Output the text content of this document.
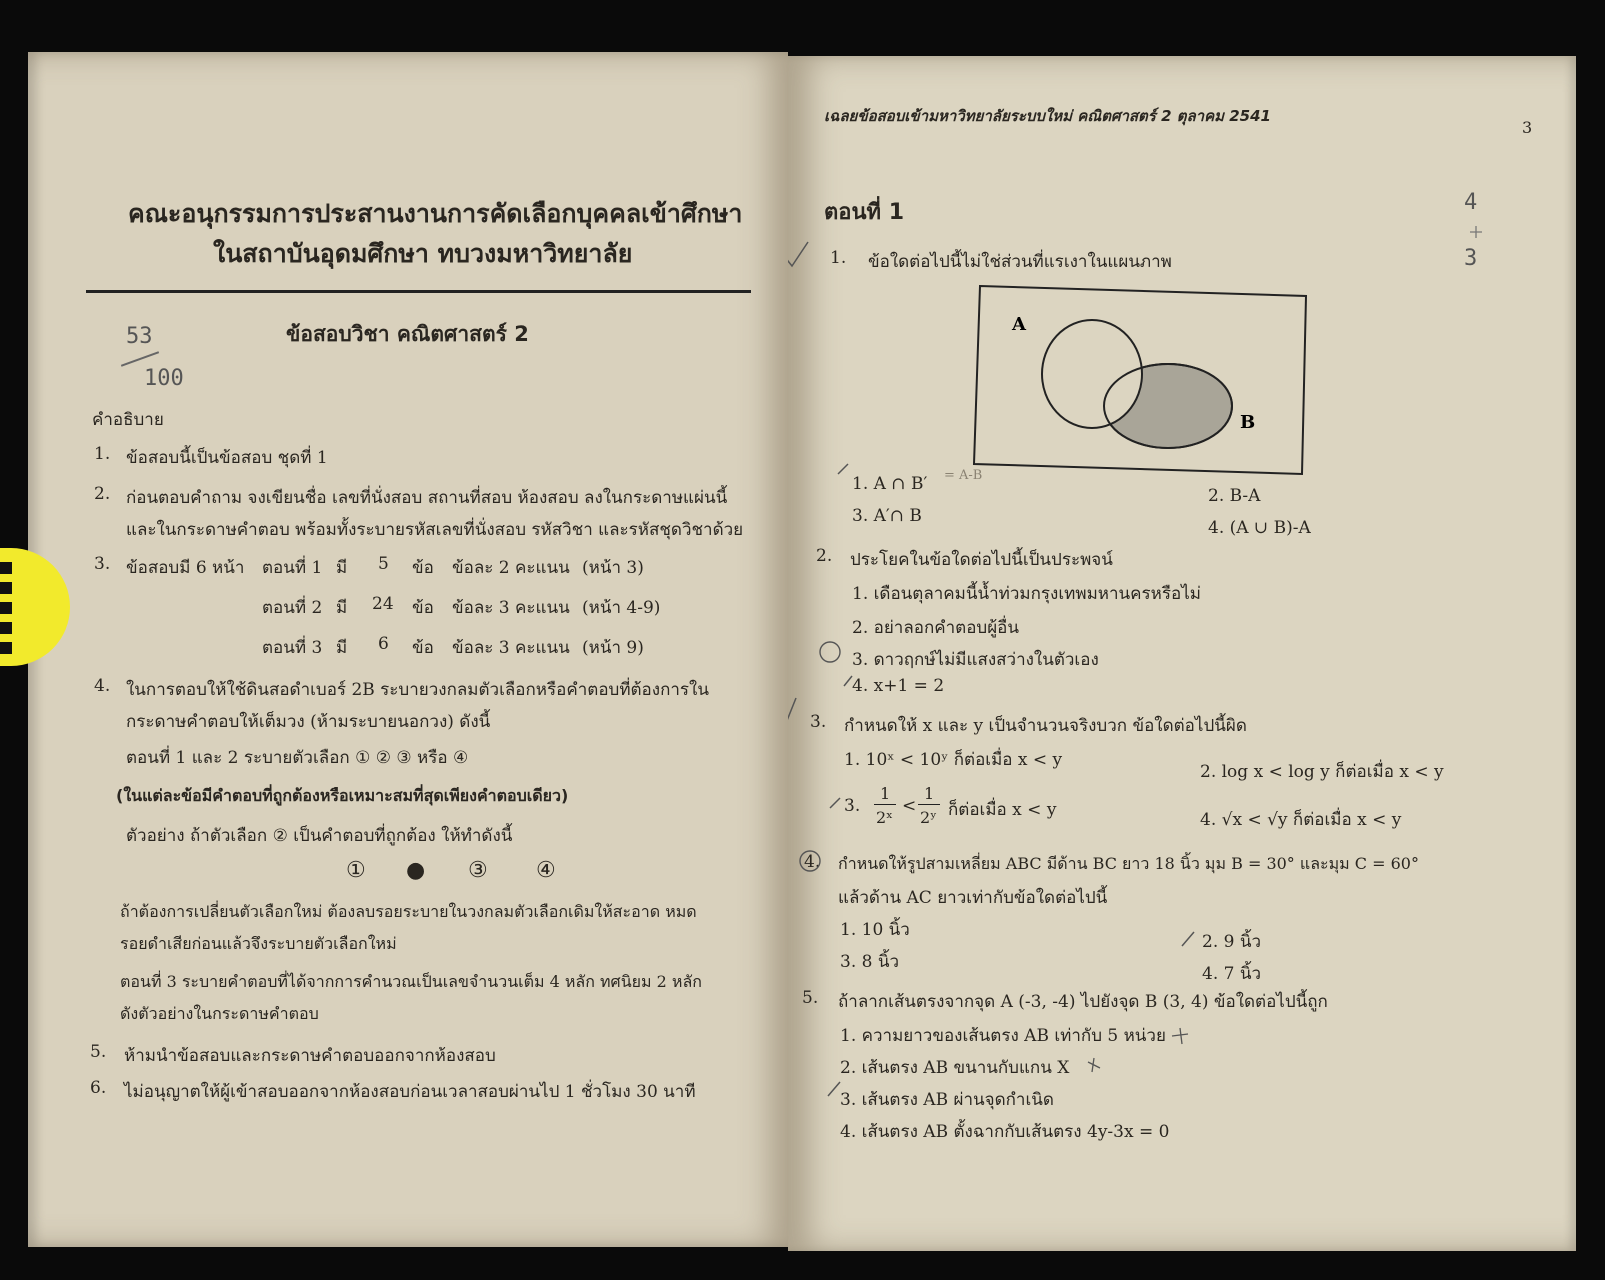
คณะอนุกรรมการประสานงานการคัดเลือกบุคคลเข้าศึกษา
ในสถาบันอุดมศึกษา ทบวงมหาวิทยาลัย
ข้อสอบวิชา คณิตศาสตร์ 2
53
100
คำอธิบาย
1. ข้อสอบนี้เป็นข้อสอบ ชุดที่ 1
2. ก่อนตอบคำถาม จงเขียนชื่อ เลขที่นั่งสอบ สถานที่สอบ ห้องสอบ ลงในกระดาษแผ่นนี้
และในกระดาษคำตอบ พร้อมทั้งระบายรหัสเลขที่นั่งสอบ รหัสวิชา และรหัสชุดวิชาด้วย
3. ข้อสอบมี 6 หน้า ตอนที่ 1 มี 5 ข้อ ข้อละ 2 คะแนน (หน้า 3)
ตอนที่ 2 มี 24 ข้อ ข้อละ 3 คะแนน (หน้า 4-9)
ตอนที่ 3 มี 6 ข้อ ข้อละ 3 คะแนน (หน้า 9)
4. ในการตอบให้ใช้ดินสอดำเบอร์ 2B ระบายวงกลมตัวเลือกหรือคำตอบที่ต้องการใน
กระดาษคำตอบให้เต็มวง (ห้ามระบายนอกวง) ดังนี้
ตอนที่ 1 และ 2 ระบายตัวเลือก ① ② ③ หรือ ④
(ในแต่ละข้อมีคำตอบที่ถูกต้องหรือเหมาะสมที่สุดเพียงคำตอบเดียว)
ตัวอย่าง ถ้าตัวเลือก ② เป็นคำตอบที่ถูกต้อง ให้ทำดังนี้
① ● ③ ④
ถ้าต้องการเปลี่ยนตัวเลือกใหม่ ต้องลบรอยระบายในวงกลมตัวเลือกเดิมให้สะอาด หมด
รอยดำเสียก่อนแล้วจึงระบายตัวเลือกใหม่
ตอนที่ 3 ระบายคำตอบที่ได้จากการคำนวณเป็นเลขจำนวนเต็ม 4 หลัก ทศนิยม 2 หลัก
ดังตัวอย่างในกระดาษคำตอบ
5. ห้ามนำข้อสอบและกระดาษคำตอบออกจากห้องสอบ
6. ไม่อนุญาตให้ผู้เข้าสอบออกจากห้องสอบก่อนเวลาสอบผ่านไป 1 ชั่วโมง 30 นาที
เฉลยข้อสอบเข้ามหาวิทยาลัยระบบใหม่ คณิตศาสตร์ 2 ตุลาคม 2541
3
4
3
ตอนที่ 1
1. ข้อใดต่อไปนี้ไม่ใช่ส่วนที่แรเงาในแผนภาพ
A
B
1. A ∩ B′ = A-B
2. B-A
3. A′∩ B
4. (A ∪ B)-A
2. ประโยคในข้อใดต่อไปนี้เป็นประพจน์
1. เดือนตุลาคมนี้น้ำท่วมกรุงเทพมหานครหรือไม่
2. อย่าลอกคำตอบผู้อื่น
3. ดาวฤกษ์ไม่มีแสงสว่างในตัวเอง
4. x+1 = 2
3. กำหนดให้ x และ y เป็นจำนวนจริงบวก ข้อใดต่อไปนี้ผิด
1. 10ˣ < 10ʸ ก็ต่อเมื่อ x < y
2. log x < log y ก็ต่อเมื่อ x < y
3.
1
2ˣ
<
1
2ʸ ก็ต่อเมื่อ x < y	4. √x < √y ก็ต่อเมื่อ x < y
4. กำหนดให้รูปสามเหลี่ยม ABC มีด้าน BC ยาว 18 นิ้ว มุม B = 30° และมุม C = 60°
แล้วด้าน AC ยาวเท่ากับข้อใดต่อไปนี้
1. 10 นิ้ว
2. 9 นิ้ว
3. 8 นิ้ว
4. 7 นิ้ว
5. ถ้าลากเส้นตรงจากจุด A (-3, -4) ไปยังจุด B (3, 4) ข้อใดต่อไปนี้ถูก
1. ความยาวของเส้นตรง AB เท่ากับ 5 หน่วย
2. เส้นตรง AB ขนานกับแกน X
3. เส้นตรง AB ผ่านจุดกำเนิด
4. เส้นตรง AB ตั้งฉากกับเส้นตรง 4y-3x = 0
